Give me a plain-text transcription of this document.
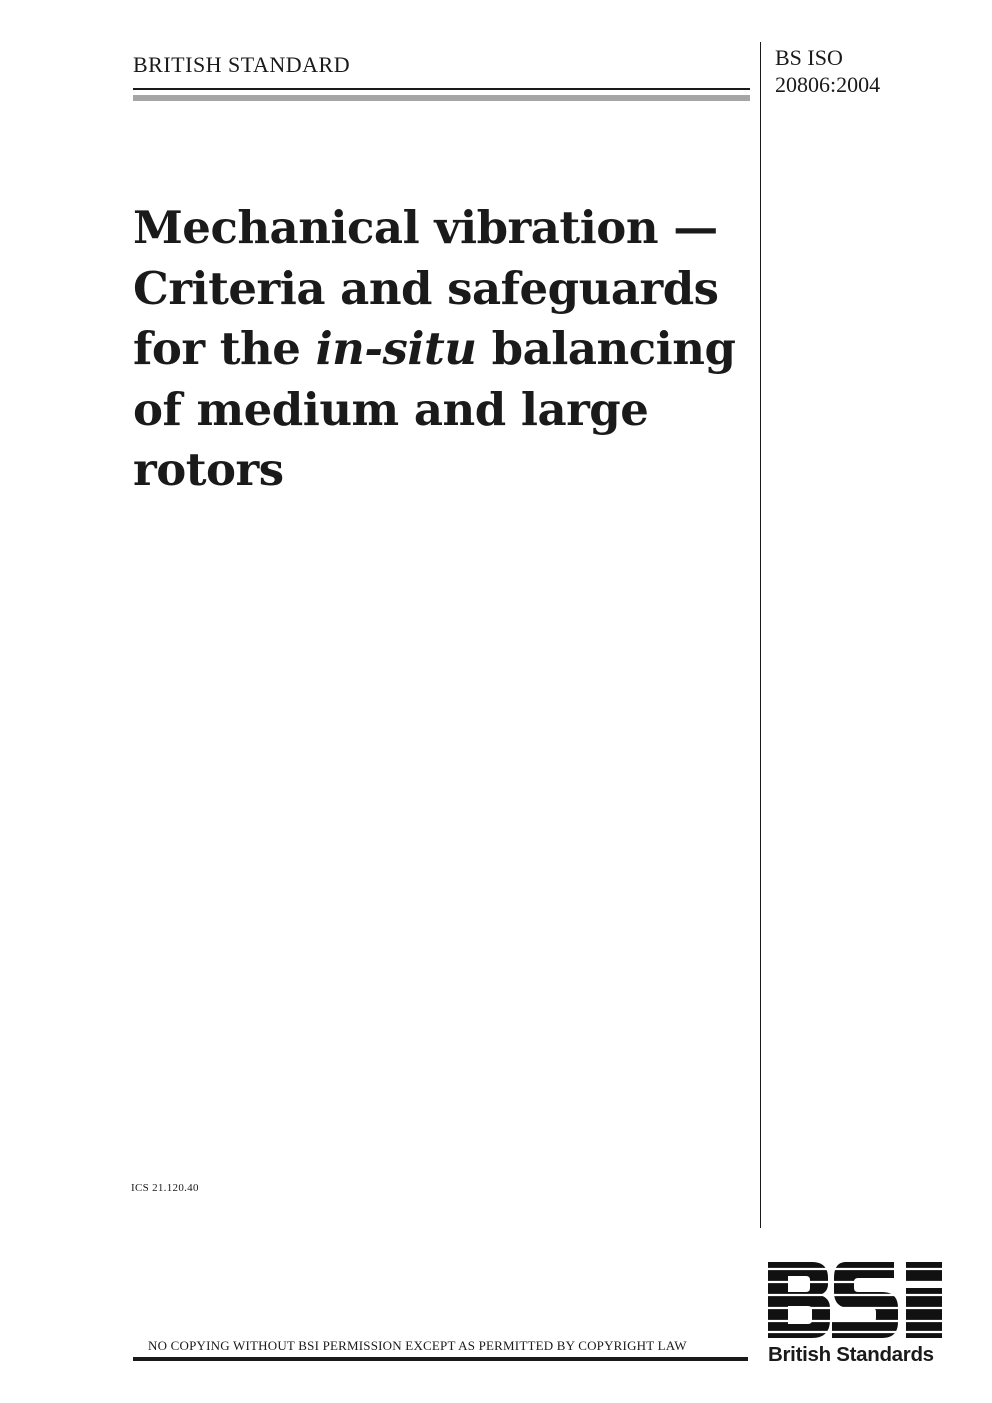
BRITISH STANDARD	BS ISO
20806:2004
Mechanical vibration —
Criteria and safeguards
for the in-situ balancing
of medium and large
rotors
ICS 21.120.40
NO COPYING WITHOUT BSI PERMISSION EXCEPT AS PERMITTED BY COPYRIGHT LAW	British Standards
